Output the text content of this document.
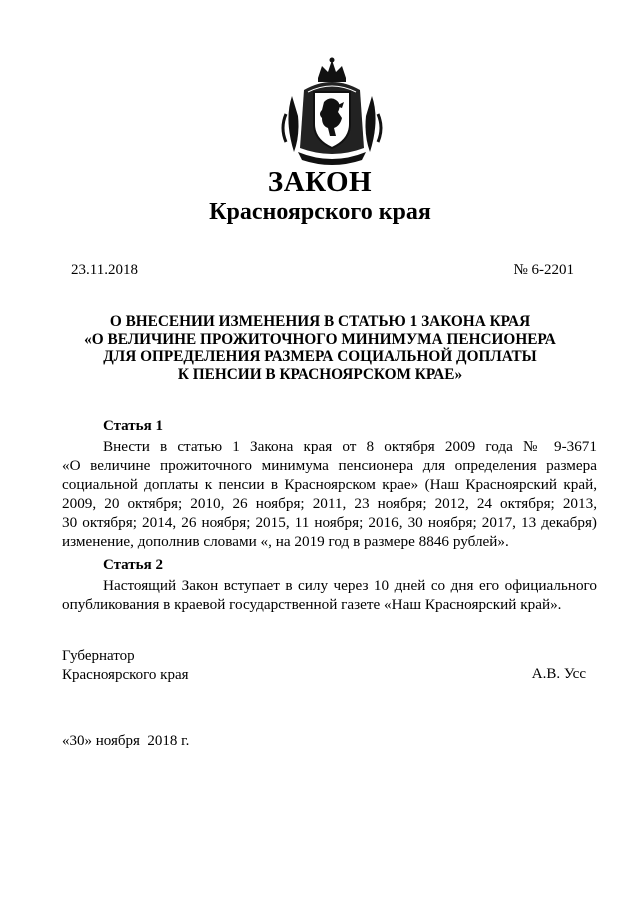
ЗАКОН
Красноярского края
23.11.2018	№ 6-2201
О ВНЕСЕНИИ ИЗМЕНЕНИЯ В СТАТЬЮ 1 ЗАКОНА КРАЯ
«О ВЕЛИЧИНЕ ПРОЖИТОЧНОГО МИНИМУМА ПЕНСИОНЕРА
ДЛЯ ОПРЕДЕЛЕНИЯ РАЗМЕРА СОЦИАЛЬНОЙ ДОПЛАТЫ
К ПЕНСИИ В КРАСНОЯРСКОМ КРАЕ»
Статья 1
Внести в статью 1 Закона края от 8 октября 2009 года № 9-3671
«О величине прожиточного минимума пенсионера для определения размера
социальной доплаты к пенсии в Красноярском крае» (Наш Красноярский край,
2009, 20 октября; 2010, 26 ноября; 2011, 23 ноября; 2012, 24 октября; 2013,
30 октября; 2014, 26 ноября; 2015, 11 ноября; 2016, 30 ноября; 2017, 13 декабря)
изменение, дополнив словами «, на 2019 год в размере 8846 рублей».
Статья 2
Настоящий Закон вступает в силу через 10 дней со дня его официального
опубликования в краевой государственной газете «Наш Красноярский край».
Губернатор
Красноярского края	А.В. Усс
«30» ноября  2018 г.
